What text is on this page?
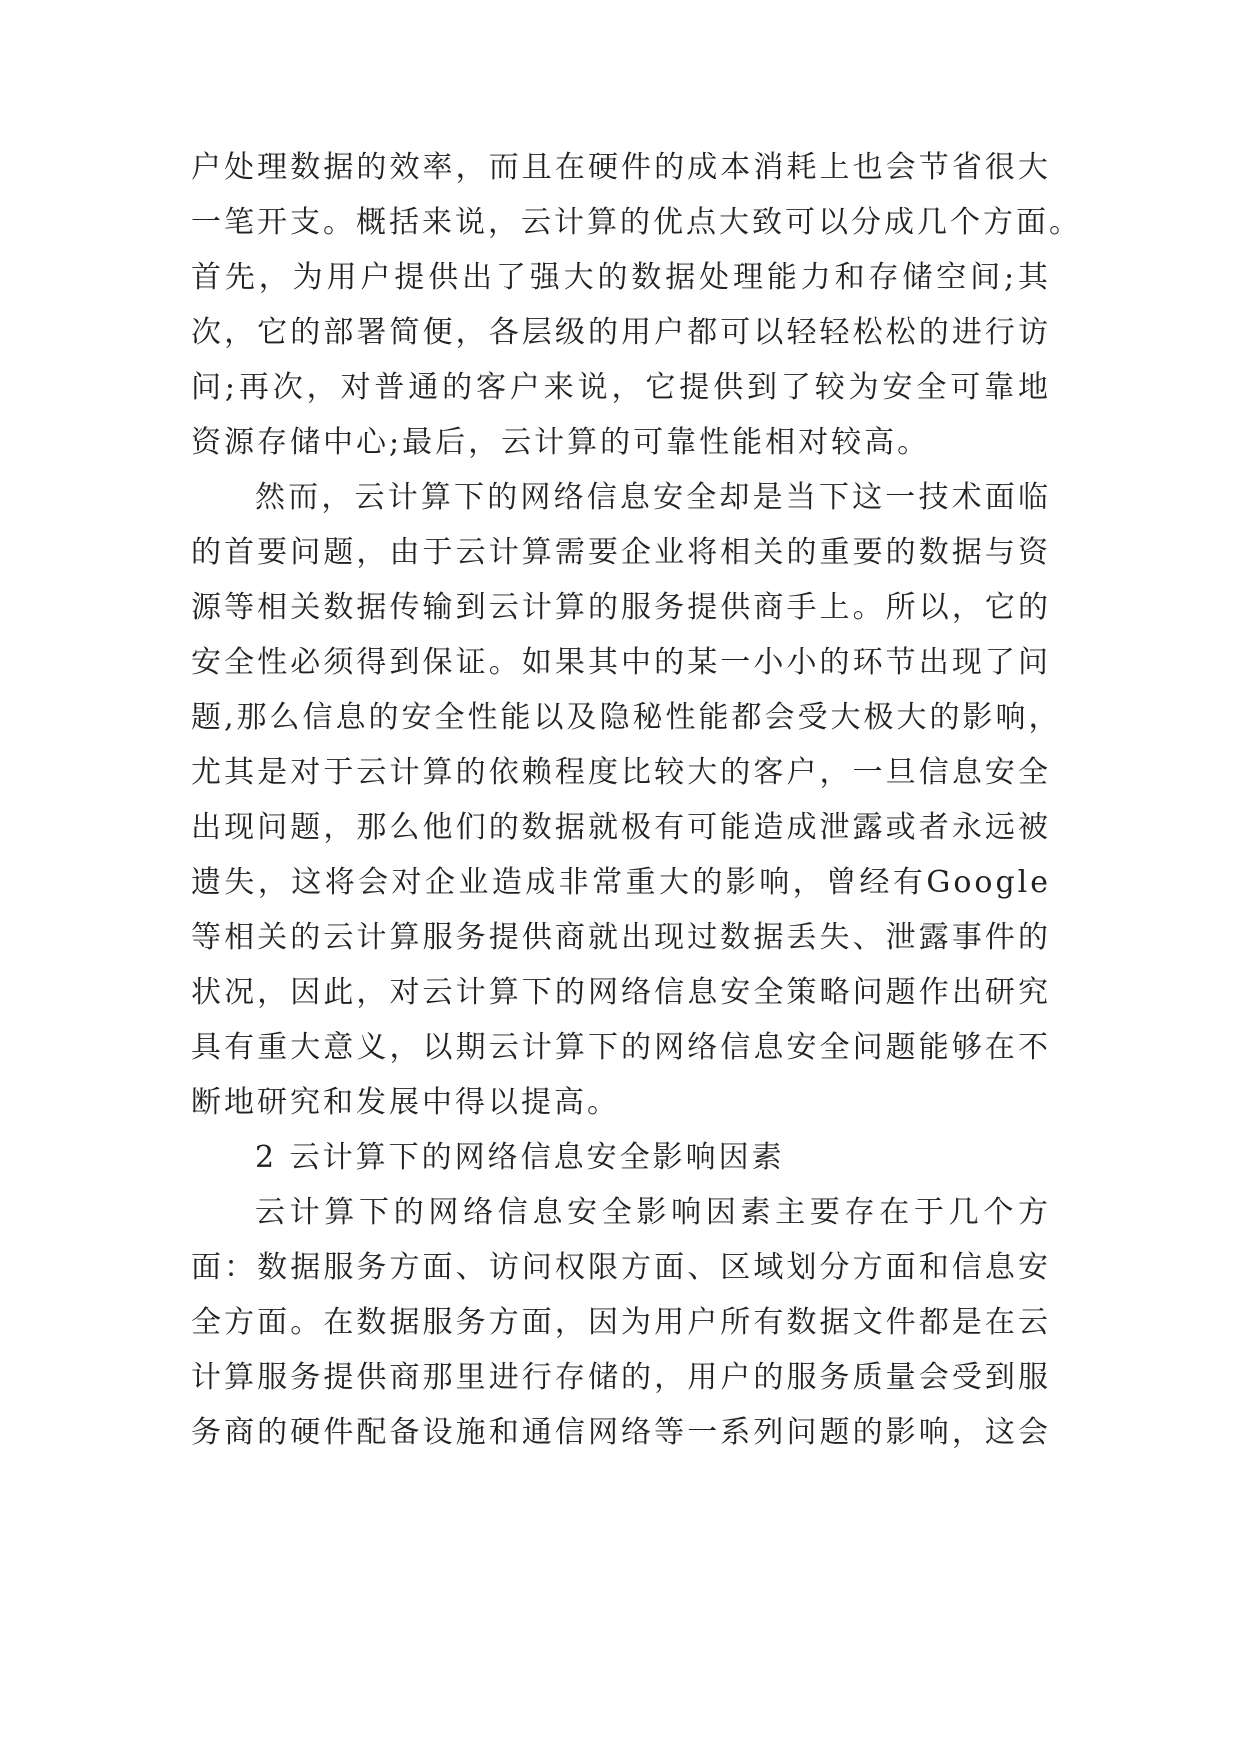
户处理数据的效率，而且在硬件的成本消耗上也会节省很大
一笔开支。概括来说，云计算的优点大致可以分成几个方面。
首先，为用户提供出了强大的数据处理能力和存储空间;其
次，它的部署简便，各层级的用户都可以轻轻松松的进行访
问;再次，对普通的客户来说，它提供到了较为安全可靠地
资源存储中心;最后，云计算的可靠性能相对较高。
然而，云计算下的网络信息安全却是当下这一技术面临
的首要问题，由于云计算需要企业将相关的重要的数据与资
源等相关数据传输到云计算的服务提供商手上。所以，它的
安全性必须得到保证。如果其中的某一小小的环节出现了问
题,那么信息的安全性能以及隐秘性能都会受大极大的影响，
尤其是对于云计算的依赖程度比较大的客户，一旦信息安全
出现问题，那么他们的数据就极有可能造成泄露或者永远被
遗失，这将会对企业造成非常重大的影响，曾经有Google
等相关的云计算服务提供商就出现过数据丢失、泄露事件的
状况，因此，对云计算下的网络信息安全策略问题作出研究
具有重大意义，以期云计算下的网络信息安全问题能够在不
断地研究和发展中得以提高。
2 云计算下的网络信息安全影响因素
云计算下的网络信息安全影响因素主要存在于几个方
面：数据服务方面、访问权限方面、区域划分方面和信息安
全方面。在数据服务方面，因为用户所有数据文件都是在云
计算服务提供商那里进行存储的，用户的服务质量会受到服
务商的硬件配备设施和通信网络等一系列问题的影响，这会
